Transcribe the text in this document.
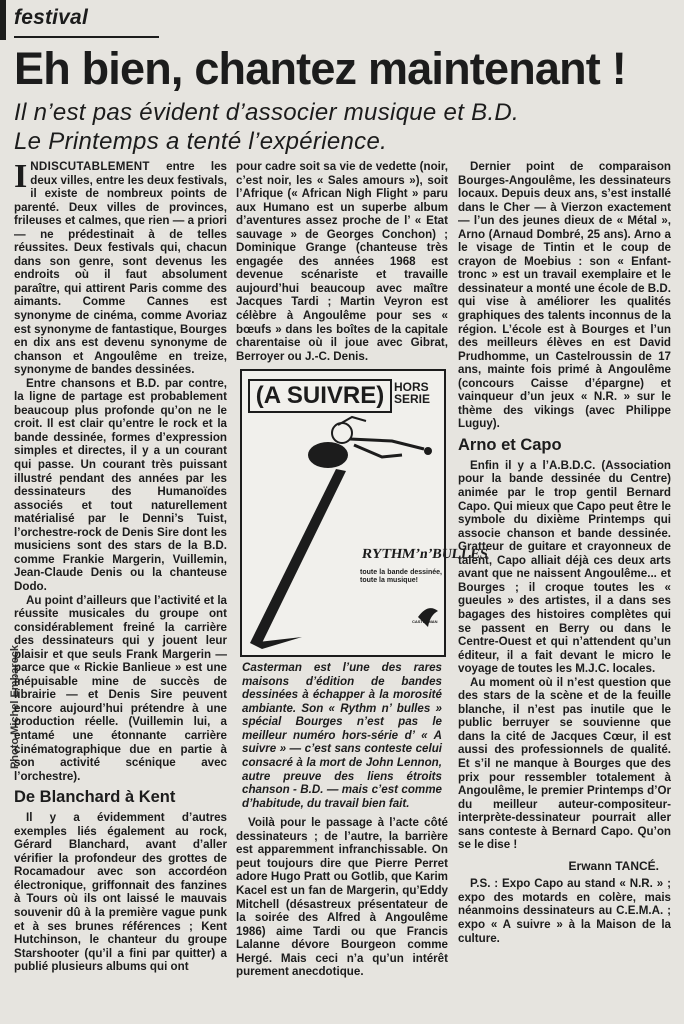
festival
Eh bien, chantez maintenant !
Il n’est pas évident d’associer musique et B.D.
Le Printemps a tenté l’expérience.
Photo Michel Embareck

INDISCUTABLEMENT entre les deux villes, entre les deux festivals, il existe de nombreux points de parenté. Deux villes de provinces, frileuses et calmes, que rien — a priori — ne prédestinait à de telles réussites. Deux festivals qui, chacun dans son genre, sont devenus les endroits où il faut absolument paraître, qui attirent Paris comme des aimants. Comme Cannes est synonyme de cinéma, comme Avoriaz est synonyme de fantastique, Bourges en dix ans est devenu synonyme de chanson et Angoulême en treize, synonyme de bandes dessinées.

Entre chansons et B.D. par contre, la ligne de partage est probablement beaucoup plus profonde qu’on ne le croit. Il est clair qu’entre le rock et la bande dessinée, formes d’expression simples et directes, il y a un courant qui passe. Un courant très puissant illustré pendant des années par les dessinateurs des Humanoïdes associés et tout naturellement matérialisé par le Denni’s Tuist, l’orchestre-rock de Denis Sire dont les musiciens sont des stars de la B.D. comme Frankie Margerin, Vuillemin, Jean-Claude Denis ou la chanteuse Dodo.

Au point d’ailleurs que l’activité et la réussite musicales du groupe ont considérablement freiné la carrière des dessinateurs qui y jouent leur plaisir et que seuls Frank Margerin — parce que « Rickie Banlieue » est une inépuisable mine de succès de librairie — et Denis Sire peuvent encore aujourd’hui prétendre à une production réelle. (Vuillemin lui, a entamé une étonnante carrière cinématographique due en partie à son activité scénique avec l’orchestre).

De Blanchard à Kent

Il y a évidemment d’autres exemples liés également au rock, Gérard Blanchard, avant d’aller vérifier la profondeur des grottes de Rocamadour avec son accordéon électronique, griffonnait des fanzines à Tours où ils ont laissé le mauvais souvenir dû à la première vague punk et à ses brunes références ; Kent Hutchinson, le chanteur du groupe Starshooter (qu’il a fini par quitter) a publié plusieurs albums qui ont

pour cadre soit sa vie de vedette (noir, c’est noir, les « Sales amours »), soit l’Afrique (« African Nigh Flight » paru aux Humano est un superbe album d’aventures assez proche de l’ « Etat sauvage » de Georges Conchon) ; Dominique Grange (chanteuse très engagée des années 1968 est devenue scénariste et travaille aujourd’hui beaucoup avec maître Jacques Tardi ; Martin Veyron est célèbre à Angoulême pour ses « bœufs » dans les boîtes de la capitale charentaise où il joue avec Gibrat, Berroyer ou J.-C. Denis.

(A SUIVRE) HORS
SERIE
RYTHM’n’BULLES
toute la bande dessinée, toute la musique!
CASTERMAN
Casterman est l’une des rares maisons d’édition de bandes dessinées à échapper à la morosité ambiante. Son « Rythm n’ bulles » spécial Bourges n’est pas le meilleur numéro hors-série d’ « A suivre » — c’est sans conteste celui consacré à la mort de John Lennon, autre preuve des liens étroits chanson - B.D. — mais c’est comme d’habitude, du travail bien fait.

Voilà pour le passage à l’acte côté dessinateurs ; de l’autre, la barrière est apparemment infranchissable. On peut toujours dire que Pierre Perret adore Hugo Pratt ou Gotlib, que Karim Kacel est un fan de Margerin, qu’Eddy Mitchell (désastreux présentateur de la soirée des Alfred à Angoulême 1986) aime Tardi ou que Francis Lalanne dévore Bourgeon comme Hergé. Mais ceci n’a qu’un intérêt purement anecdotique.

Dernier point de comparaison Bourges-Angoulême, les dessinateurs locaux. Depuis deux ans, s’est installé dans le Cher — à Vierzon exactement — l’un des jeunes dieux de « Métal », Arno (Arnaud Dombré, 25 ans). Arno a le visage de Tintin et le coup de crayon de Moebius : son « Enfant-tronc » est un travail exemplaire et le dessinateur a monté une école de B.D. qui vise à améliorer les qualités graphiques des talents inconnus de la région. L’école est à Bourges et l’un des meilleurs élèves en est David Prudhomme, un Castelroussin de 17 ans, mainte fois primé à Angoulême (concours Caisse d’épargne) et vainqueur d’un jeux « N.R. » sur le thème des vikings (avec Philippe Luguy).

Arno et Capo

Enfin il y a l’A.B.D.C. (Association pour la bande dessinée du Centre) animée par le trop gentil Bernard Capo. Qui mieux que Capo peut être le symbole du dixième Printemps qui associe chanson et bande dessinée. Gratteur de guitare et crayonneux de talent, Capo alliait déjà ces deux arts avant que ne naissent Angoulême... et Bourges ; il croque toutes les « gueules » des artistes, il a dans ses bagages des histoires complètes qui se passent en Berry ou dans le Centre-Ouest et qui n’attendent qu’un éditeur, il a fait devant le micro le voyage de toutes les M.J.C. locales.

Au moment où il n’est question que des stars de la scène et de la feuille blanche, il n’est pas inutile que le public berruyer se souvienne que dans la cité de Jacques Cœur, il est aussi des professionnels de qualité. Et s’il ne manque à Bourges que des prix pour ressembler totalement à Angoulême, le premier Printemps d’Or du meilleur auteur-compositeur-interprète-dessinateur pourrait aller sans conteste à Bernard Capo. Qu’on se le dise !

Erwann TANCÉ.

P.S. : Expo Capo au stand « N.R. » ; expo des motards en colère, mais néanmoins dessinateurs au C.E.M.A. ; expo « A suivre » à la Maison de la culture.
